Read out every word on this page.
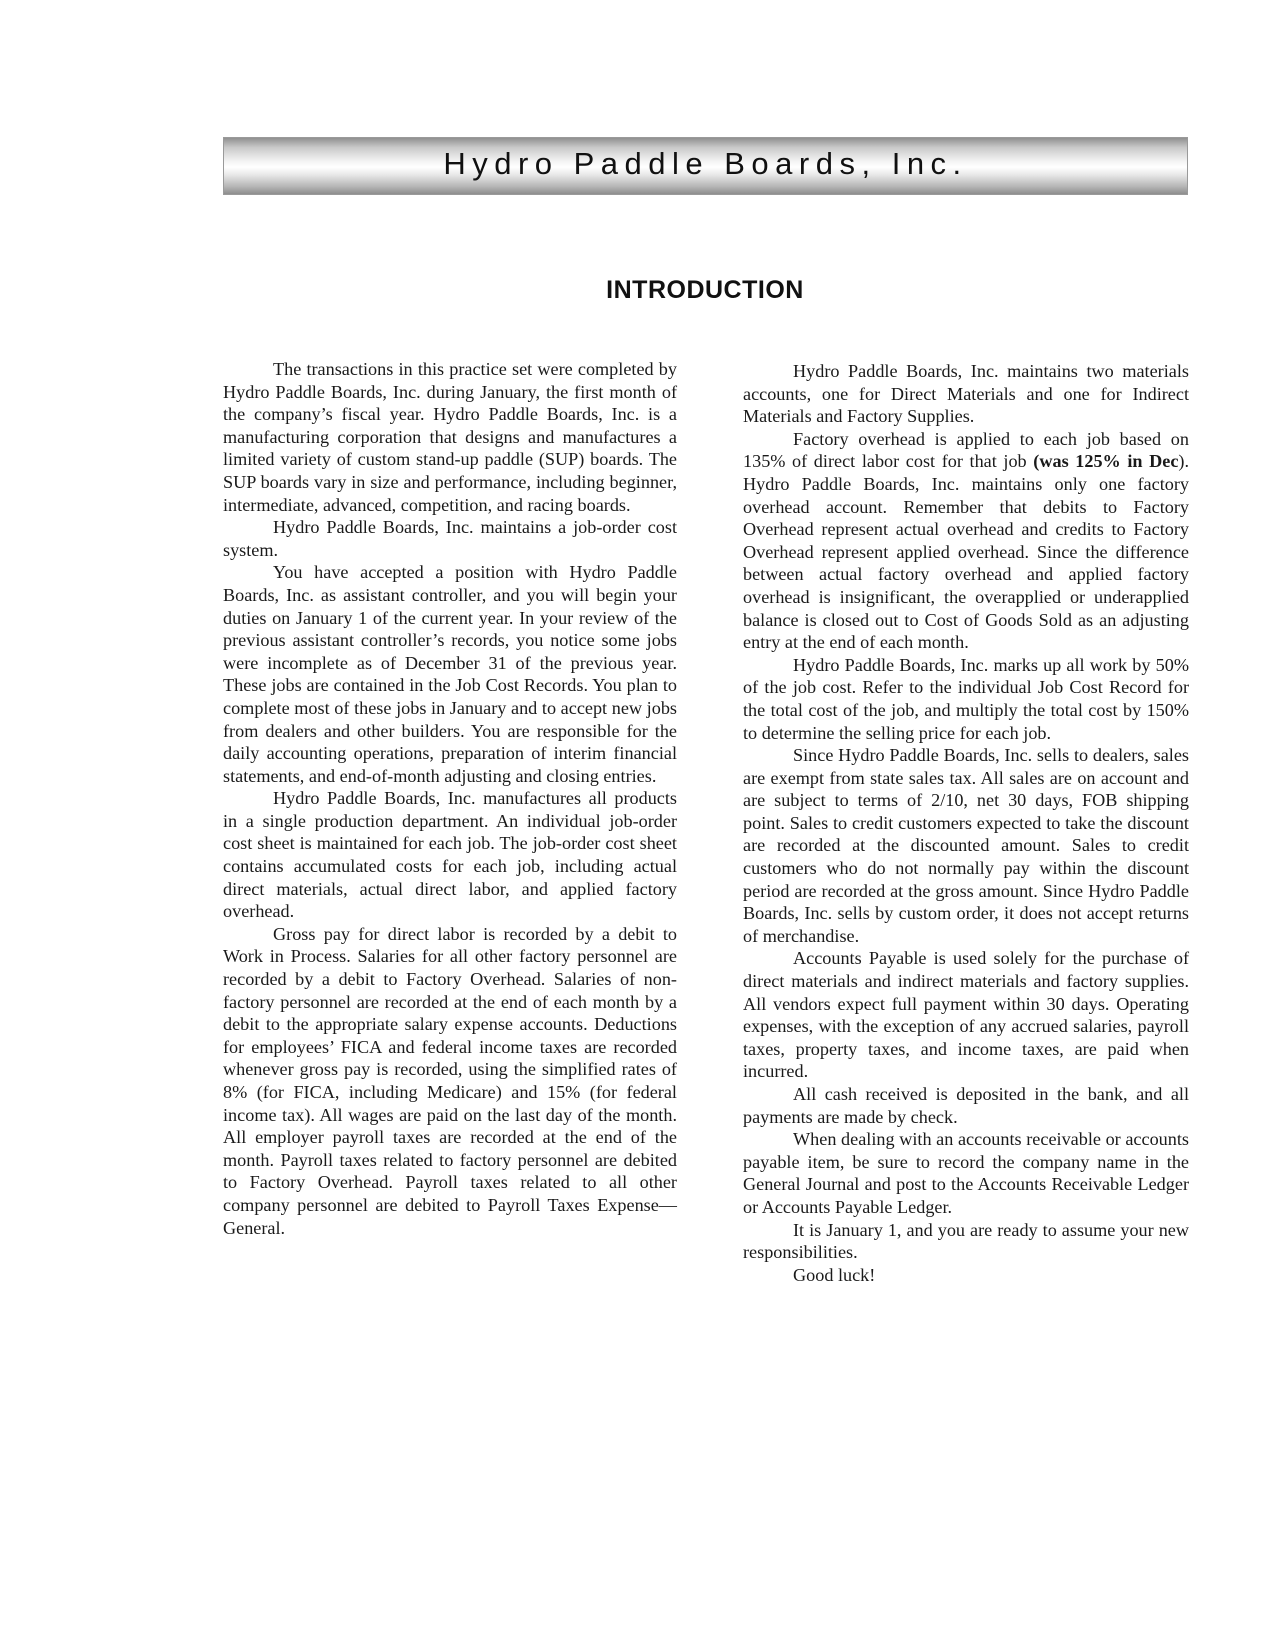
Hydro Paddle Boards, Inc.
INTRODUCTION

The transactions in this practice set were completed by Hydro Paddle Boards, Inc. during January, the first month of the company’s fiscal year. Hydro Paddle Boards, Inc. is a manufacturing corporation that designs and manufactures a limited variety of custom stand-up paddle (SUP) boards. The SUP boards vary in size and performance, including beginner, intermediate, advanced, competition, and racing boards.

Hydro Paddle Boards, Inc. maintains a job-order cost system.

You have accepted a position with Hydro Paddle Boards, Inc. as assistant controller, and you will begin your duties on January 1 of the current year. In your review of the previous assistant controller’s records, you notice some jobs were incomplete as of December 31 of the previous year. These jobs are contained in the Job Cost Records. You plan to complete most of these jobs in January and to accept new jobs from dealers and other builders. You are responsible for the daily accounting operations, preparation of interim financial statements, and end-of-month adjusting and closing entries.

Hydro Paddle Boards, Inc. manufactures all products in a single production department. An individual job-order cost sheet is maintained for each job. The job-order cost sheet contains accumulated costs for each job, including actual direct materials, actual direct labor, and applied factory overhead.

Gross pay for direct labor is recorded by a debit to Work in Process. Salaries for all other factory personnel are recorded by a debit to Factory Overhead. Salaries of non-factory personnel are recorded at the end of each month by a debit to the appropriate salary expense accounts. Deductions for employees’ FICA and federal income taxes are recorded whenever gross pay is recorded, using the simplified rates of 8% (for FICA, including Medicare) and 15% (for federal income tax). All wages are paid on the last day of the month. All employer payroll taxes are recorded at the end of the month. Payroll taxes related to factory personnel are debited to Factory Overhead. Payroll taxes related to all other company personnel are debited to Payroll Taxes Expense—General.

Hydro Paddle Boards, Inc. maintains two materials accounts, one for Direct Materials and one for Indirect Materials and Factory Supplies.

Factory overhead is applied to each job based on 135% of direct labor cost for that job (was 125% in Dec). Hydro Paddle Boards, Inc. maintains only one factory overhead account. Remember that debits to Factory Overhead represent actual overhead and credits to Factory Overhead represent applied overhead. Since the difference between actual factory overhead and applied factory overhead is insignificant, the overapplied or underapplied balance is closed out to Cost of Goods Sold as an adjusting entry at the end of each month.

Hydro Paddle Boards, Inc. marks up all work by 50% of the job cost. Refer to the individual Job Cost Record for the total cost of the job, and multiply the total cost by 150% to determine the selling price for each job.

Since Hydro Paddle Boards, Inc. sells to dealers, sales are exempt from state sales tax. All sales are on account and are subject to terms of 2/10, net 30 days, FOB shipping point. Sales to credit customers expected to take the discount are recorded at the discounted amount. Sales to credit customers who do not normally pay within the discount period are recorded at the gross amount. Since Hydro Paddle Boards, Inc. sells by custom order, it does not accept returns of merchandise.

Accounts Payable is used solely for the purchase of direct materials and indirect materials and factory supplies. All vendors expect full payment within 30 days. Operating expenses, with the exception of any accrued salaries, payroll taxes, property taxes, and income taxes, are paid when incurred.

All cash received is deposited in the bank, and all payments are made by check.

When dealing with an accounts receivable or accounts payable item, be sure to record the company name in the General Journal and post to the Accounts Receivable Ledger or Accounts Payable Ledger.

It is January 1, and you are ready to assume your new responsibilities.

Good luck!
